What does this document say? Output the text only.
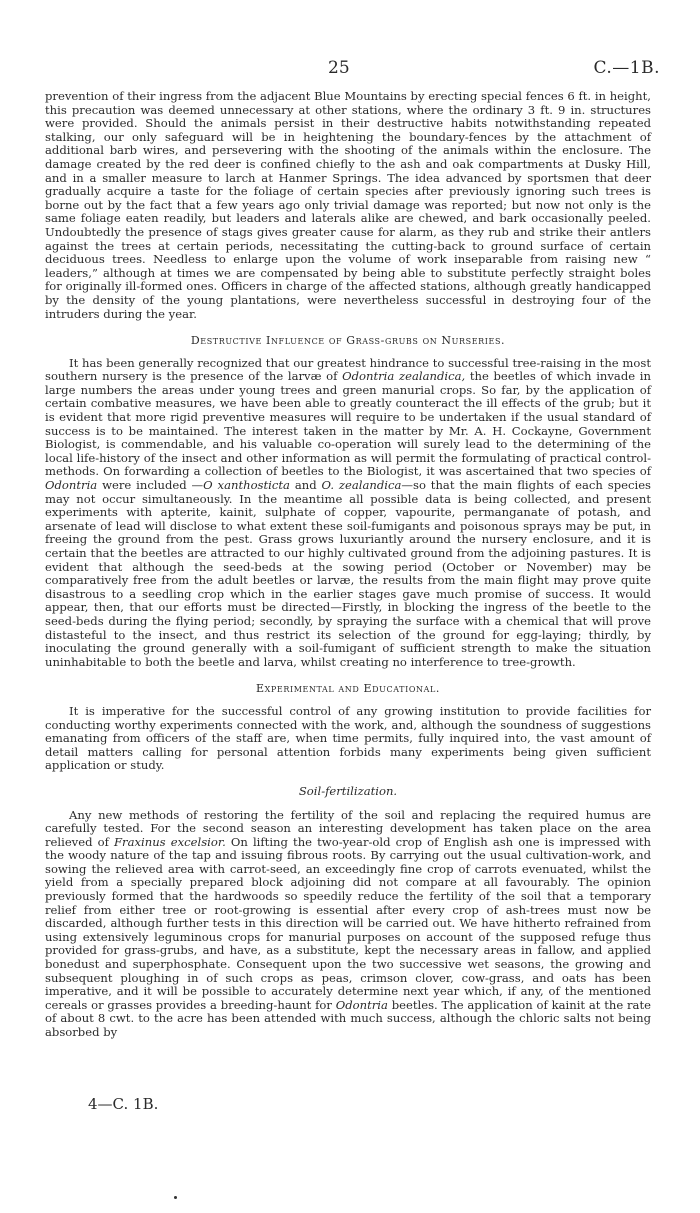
25	C.—1B.

prevention of their ingress from the adjacent Blue Mountains by erecting special fences 6 ft. in height, this precaution was deemed unnecessary at other stations, where the ordinary 3 ft. 9 in. structures were provided. Should the animals persist in their destructive habits notwithstanding repeated stalking, our only safeguard will be in heightening the boundary-fences by the attachment of additional barb wires, and persevering with the shooting of the animals within the enclosure. The damage created by the red deer is confined chiefly to the ash and oak compartments at Dusky Hill, and in a smaller measure to larch at Hanmer Springs. The idea advanced by sportsmen that deer gradually acquire a taste for the foliage of certain species after previously ignoring such trees is borne out by the fact that a few years ago only trivial damage was reported; but now not only is the same foliage eaten readily, but leaders and laterals alike are chewed, and bark occasionally peeled. Undoubtedly the presence of stags gives greater cause for alarm, as they rub and strike their antlers against the trees at certain periods, necessitating the cutting-back to ground surface of certain deciduous trees. Needless to enlarge upon the volume of work inseparable from raising new “ leaders,” although at times we are compensated by being able to substitute perfectly straight boles for originally ill-formed ones. Officers in charge of the affected stations, although greatly handicapped by the density of the young plantations, were nevertheless successful in destroying four of the intruders during the year.

Destructive Influence of Grass-grubs on Nurseries.

It has been generally recognized that our greatest hindrance to successful tree-raising in the most southern nursery is the presence of the larvæ of Odontria zealandica, the beetles of which invade in large numbers the areas under young trees and green manurial crops. So far, by the application of certain combative measures, we have been able to greatly counteract the ill effects of the grub; but it is evident that more rigid preventive measures will require to be undertaken if the usual standard of success is to be maintained. The interest taken in the matter by Mr. A. H. Cockayne, Government Biologist, is commendable, and his valuable co-operation will surely lead to the determining of the local life-history of the insect and other information as will permit the formulating of practical control-methods. On forwarding a collection of beetles to the Biologist, it was ascertained that two species of Odontria were included —O xanthosticta and O. zealandica—so that the main flights of each species may not occur simultaneously. In the meantime all possible data is being collected, and present experiments with apterite, kainit, sulphate of copper, vapourite, permanganate of potash, and arsenate of lead will disclose to what extent these soil-fumigants and poisonous sprays may be put, in freeing the ground from the pest. Grass grows luxuriantly around the nursery enclosure, and it is certain that the beetles are attracted to our highly cultivated ground from the adjoining pastures. It is evident that although the seed-beds at the sowing period (October or November) may be comparatively free from the adult beetles or larvæ, the results from the main flight may prove quite disastrous to a seedling crop which in the earlier stages gave much promise of success. It would appear, then, that our efforts must be directed—Firstly, in blocking the ingress of the beetle to the seed-beds during the flying period; secondly, by spraying the surface with a chemical that will prove distasteful to the insect, and thus restrict its selection of the ground for egg-laying; thirdly, by inoculating the ground generally with a soil-fumigant of sufficient strength to make the situation uninhabitable to both the beetle and larva, whilst creating no interference to tree-growth.

Experimental and Educational.

It is imperative for the successful control of any growing institution to provide facilities for conducting worthy experiments connected with the work, and, although the soundness of suggestions emanating from officers of the staff are, when time permits, fully inquired into, the vast amount of detail matters calling for personal attention forbids many experiments being given sufficient application or study.

Soil-fertilization.

Any new methods of restoring the fertility of the soil and replacing the required humus are carefully tested. For the second season an interesting development has taken place on the area relieved of Fraxinus excelsior. On lifting the two-year-old crop of English ash one is impressed with the woody nature of the tap and issuing fibrous roots. By carrying out the usual cultivation-work, and sowing the relieved area with carrot-seed, an exceedingly fine crop of carrots evenuated, whilst the yield from a specially prepared block adjoining did not compare at all favourably. The opinion previously formed that the hardwoods so speedily reduce the fertility of the soil that a temporary relief from either tree or root-growing is essential after every crop of ash-trees must now be discarded, although further tests in this direction will be carried out. We have hitherto refrained from using extensively leguminous crops for manurial purposes on account of the supposed refuge thus provided for grass-grubs, and have, as a substitute, kept the necessary areas in fallow, and applied bonedust and superphosphate. Consequent upon the two successive wet seasons, the growing and subsequent ploughing in of such crops as peas, crimson clover, cow-grass, and oats has been imperative, and it will be possible to accurately determine next year which, if any, of the mentioned cereals or grasses provides a breeding-haunt for Odontria beetles. The application of kainit at the rate of about 8 cwt. to the acre has been attended with much success, although the chloric salts not being absorbed by

4—C. 1B.
